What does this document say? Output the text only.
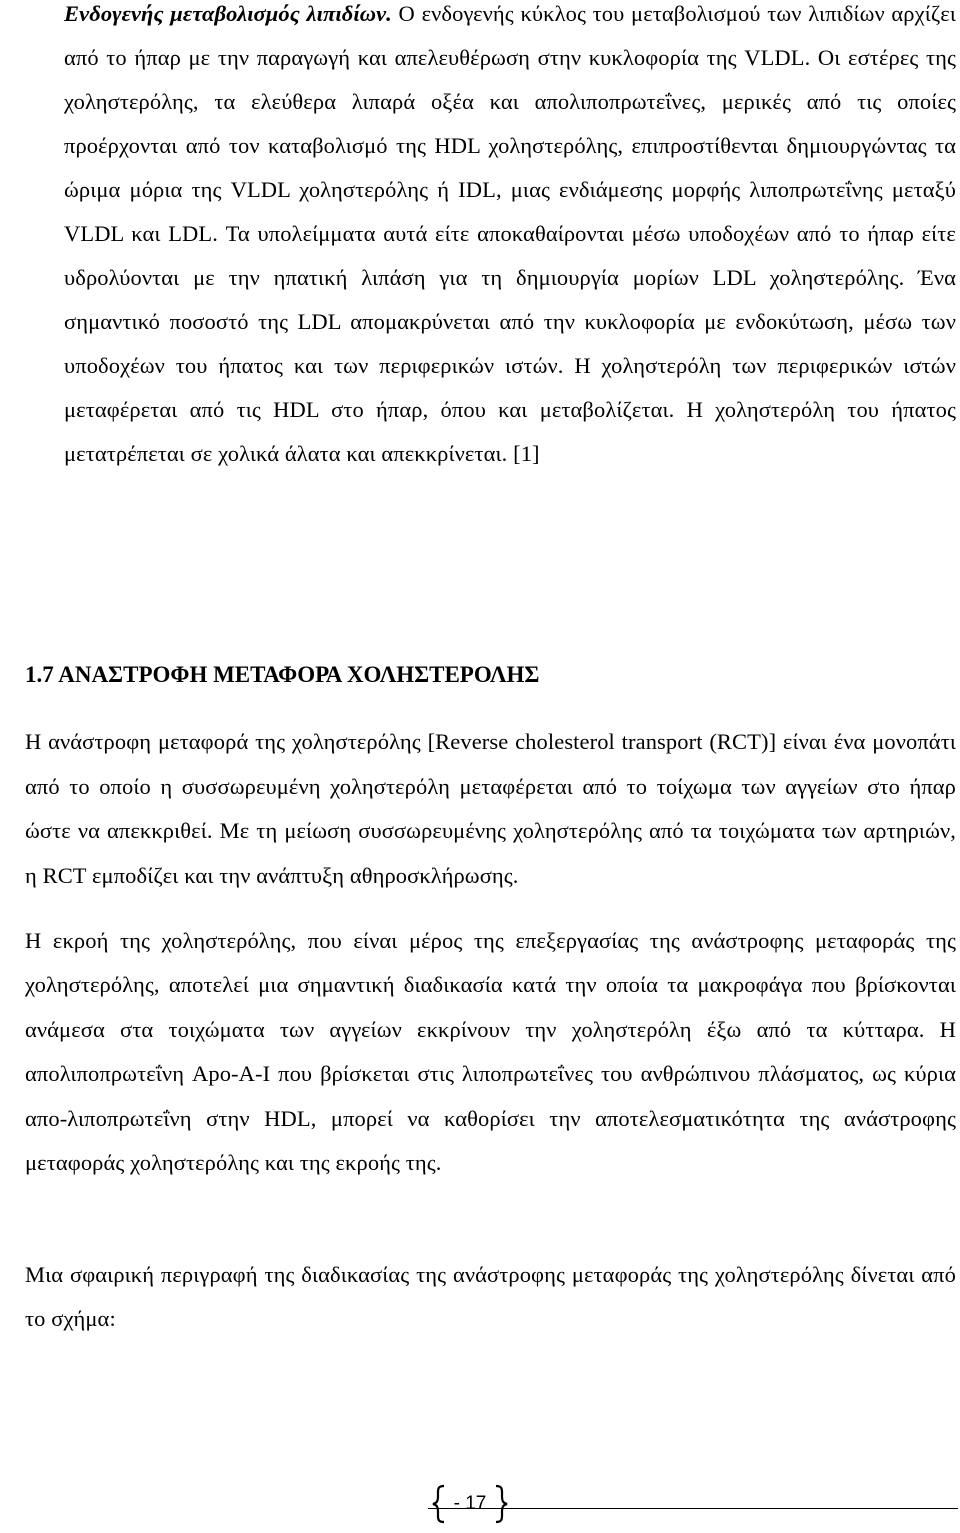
Ενδογενής μεταβολισμός λιπιδίων. Ο ενδογενής κύκλος του μεταβολισμού των λιπιδίων αρχίζει από το ήπαρ με την παραγωγή και απελευθέρωση στην κυκλοφορία της VLDL. Οι εστέρες της χοληστερόλης, τα ελεύθερα λιπαρά οξέα και απολιποπρωτεΐνες, μερικές από τις οποίες προέρχονται από τον καταβολισμό της HDL χοληστερόλης, επιπροστίθενται δημιουργώντας τα ώριμα μόρια της VLDL χοληστερόλης ή IDL, μιας ενδιάμεσης μορφής λιποπρωτεΐνης μεταξύ VLDL και LDL. Τα υπολείμματα αυτά είτε αποκαθαίρονται μέσω υποδοχέων από το ήπαρ είτε υδρολύονται με την ηπατική λιπάση για τη δημιουργία μορίων LDL χοληστερόλης. Ένα σημαντικό ποσοστό της LDL απομακρύνεται από την κυκλοφορία με ενδοκύτωση, μέσω των υποδοχέων του ήπατος και των περιφερικών ιστών. Η χοληστερόλη των περιφερικών ιστών μεταφέρεται από τις HDL στο ήπαρ, όπου και μεταβολίζεται. Η χοληστερόλη του ήπατος μετατρέπεται σε χολικά άλατα και απεκκρίνεται. [1]

1.7 ΑΝΑΣΤΡΟΦΗ ΜΕΤΑΦΟΡΑ ΧΟΛΗΣΤΕΡΟΛΗΣ

Η ανάστροφη μεταφορά της χοληστερόλης [Reverse cholesterol transport (RCT)] είναι ένα μονοπάτι από το οποίο η συσσωρευμένη χοληστερόλη μεταφέρεται από το τοίχωμα των αγγείων στο ήπαρ ώστε να απεκκριθεί. Με τη μείωση συσσωρευμένης χοληστερόλης από τα τοιχώματα των αρτηριών, η RCT εμποδίζει και την ανάπτυξη αθηροσκλήρωσης.

Η εκροή της χοληστερόλης, που είναι μέρος της επεξεργασίας της ανάστροφης μεταφοράς της χοληστερόλης, αποτελεί μια σημαντική διαδικασία κατά την οποία τα μακροφάγα που βρίσκονται ανάμεσα στα τοιχώματα των αγγείων εκκρίνουν την χοληστερόλη έξω από τα κύτταρα. Η απολιποπρωτεΐνη Apo-A-I που βρίσκεται στις λιποπρωτεΐνες του ανθρώπινου πλάσματος, ως κύρια απο-λιποπρωτεΐνη στην HDL, μπορεί να καθορίσει την αποτελεσματικότητα της ανάστροφης μεταφοράς χοληστερόλης και της εκροής της.

Μια σφαιρική περιγραφή της διαδικασίας της ανάστροφης μεταφοράς της χοληστερόλης δίνεται από το σχήμα:

- 17
